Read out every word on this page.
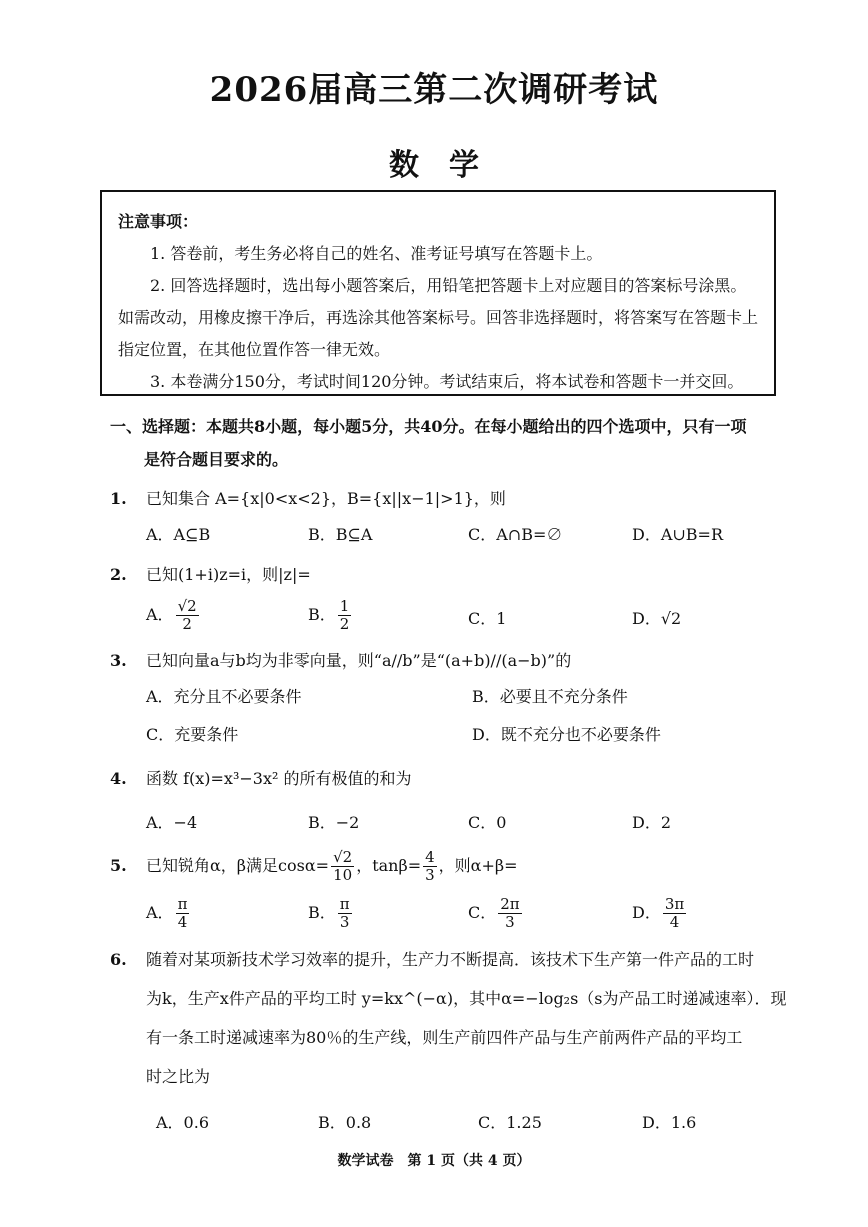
2026届高三第二次调研考试
数　学
注意事项：

1. 答卷前，考生务必将自己的姓名、准考证号填写在答题卡上。

2. 回答选择题时，选出每小题答案后，用铅笔把答题卡上对应题目的答案标号涂黑。如需改动，用橡皮擦干净后，再选涂其他答案标号。回答非选择题时，将答案写在答题卡上指定位置，在其他位置作答一律无效。

3. 本卷满分150分，考试时间120分钟。考试结束后，将本试卷和答题卡一并交回。

一、选择题：本题共8小题，每小题5分，共40分。在每小题给出的四个选项中，只有一项
是符合题目要求的。
1.	已知集合 A={x|0<x<2}，B={x||x−1|>1}，则
A．A⊆B	B．B⊆A	C．A∩B=∅	D．A∪B=R
2.	已知(1+i)z=i，则|z|=
A． $\frac{√2}{2}$	B． $\frac{1}{2}$	C．1	D．√2
3.	已知向量a与b均为非零向量，则“a//b”是“(a+b)//(a−b)”的
A．充分且不必要条件	B．必要且不充分条件
C．充要条件	D．既不充分也不必要条件
4.	函数 f(x)=x³−3x² 的所有极值的和为
A．−4	B．−2	C．0	D．2
5.	已知锐角α，β满足$\cos\alpha= \frac{√2}{10}$ ，$\tan\beta= \frac{4}{3}$ ，则α+β=
A． $\frac{\pi}{4}$	B． $\frac{\pi}{3}$	C． $\frac{2\pi}{3}$	D． $\frac{3\pi}{4}$
6.	随着对某项新技术学习效率的提升，生产力不断提高．该技术下生产第一件产品的工时
为k，生产x件产品的平均工时 y=kx^(−α)，其中α=−log₂s（s为产品工时递减速率）．现
有一条工时递减速率为80％的生产线，则生产前四件产品与生产前两件产品的平均工
时之比为
A．0.6	B．0.8	C．1.25	D．1.6
数学试卷　第 1 页（共 4 页）
